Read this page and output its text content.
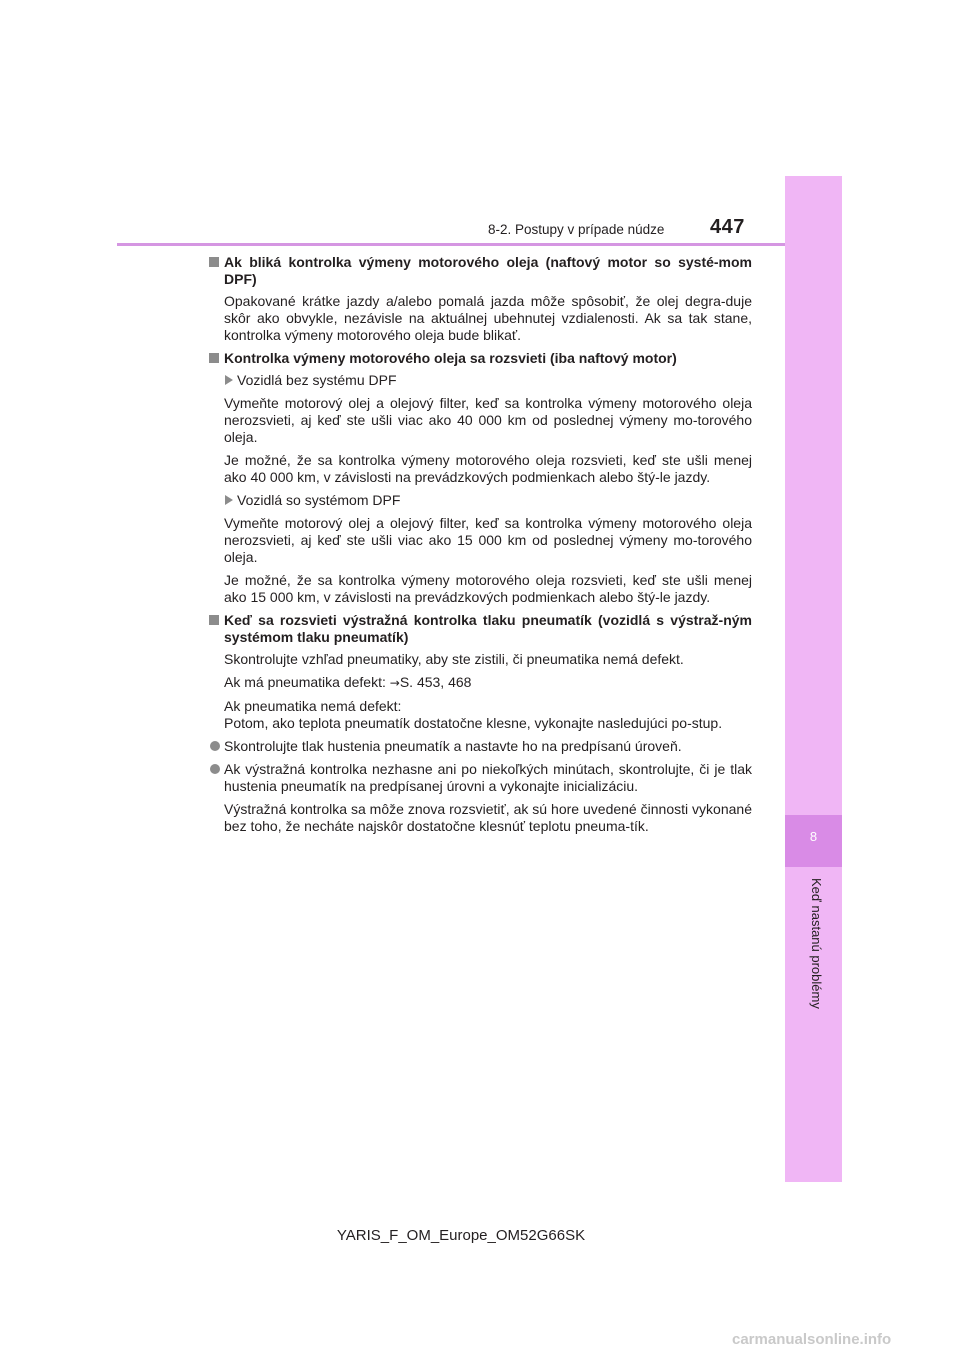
8
Keď nastanú problémy
8-2. Postupy v prípade núdze 447
Ak bliká kontrolka výmeny motorového oleja (naftový motor so systé-mom DPF)
Opakované krátke jazdy a/alebo pomalá jazda môže spôsobiť, že olej degra-duje skôr ako obvykle, nezávisle na aktuálnej ubehnutej vzdialenosti. Ak sa tak stane, kontrolka výmeny motorového oleja bude blikať.
Kontrolka výmeny motorového oleja sa rozsvieti (iba naftový motor)
Vozidlá bez systému DPF
Vymeňte motorový olej a olejový filter, keď sa kontrolka výmeny motorového oleja nerozsvieti, aj keď ste ušli viac ako 40 000 km od poslednej výmeny mo-torového oleja.
Je možné, že sa kontrolka výmeny motorového oleja rozsvieti, keď ste ušli menej ako 40 000 km, v závislosti na prevádzkových podmienkach alebo štý-le jazdy.
Vozidlá so systémom DPF
Vymeňte motorový olej a olejový filter, keď sa kontrolka výmeny motorového oleja nerozsvieti, aj keď ste ušli viac ako 15 000 km od poslednej výmeny mo-torového oleja.
Je možné, že sa kontrolka výmeny motorového oleja rozsvieti, keď ste ušli menej ako 15 000 km, v závislosti na prevádzkových podmienkach alebo štý-le jazdy.
Keď sa rozsvieti výstražná kontrolka tlaku pneumatík (vozidlá s výstraž-ným systémom tlaku pneumatík)
Skontrolujte vzhľad pneumatiky, aby ste zistili, či pneumatika nemá defekt.
Ak má pneumatika defekt: →S. 453, 468
Ak pneumatika nemá defekt:
Potom, ako teplota pneumatík dostatočne klesne, vykonajte nasledujúci po-stup.
Skontrolujte tlak hustenia pneumatík a nastavte ho na predpísanú úroveň.
Ak výstražná kontrolka nezhasne ani po niekoľkých minútach, skontrolujte, či je tlak hustenia pneumatík na predpísanej úrovni a vykonajte inicializáciu.
Výstražná kontrolka sa môže znova rozsvietiť, ak sú hore uvedené činnosti vykonané bez toho, že necháte najskôr dostatočne klesnúť teplotu pneuma-tík.
YARIS_F_OM_Europe_OM52G66SK
carmanualsonline.info
